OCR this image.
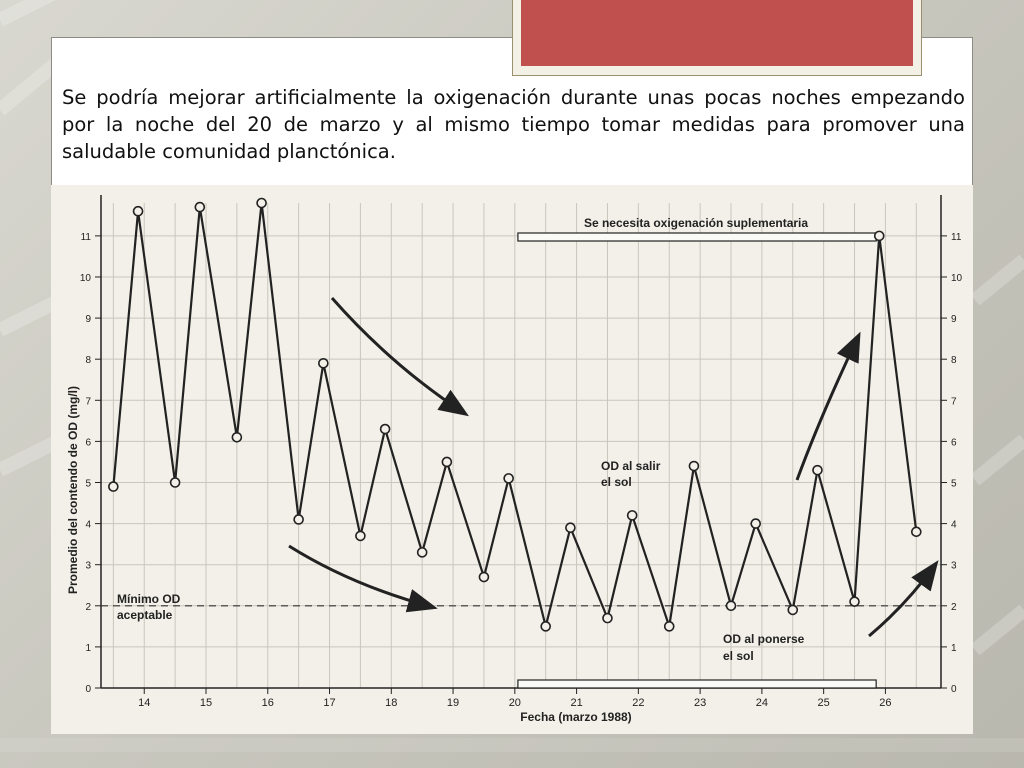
Se podría mejorar artificialmente la oxigenación durante unas pocas noches empezando por la noche del 20 de marzo y al mismo tiempo tomar medidas para promover una saludable comunidad planctónica.

0	0
1	1
2	2
3	3
4	4
5	5
6	6
7	7
8	8
9	9
10	10
11	11
14	15	16	17	18	19	20	21	22	23	24	25	26
Promedio del contendo de OD (mg/l)
Fecha (marzo 1988)
Se necesita oxigenación suplementaria
Mínimo OD
aceptable
OD al salir
el sol
OD al ponerse
el sol
